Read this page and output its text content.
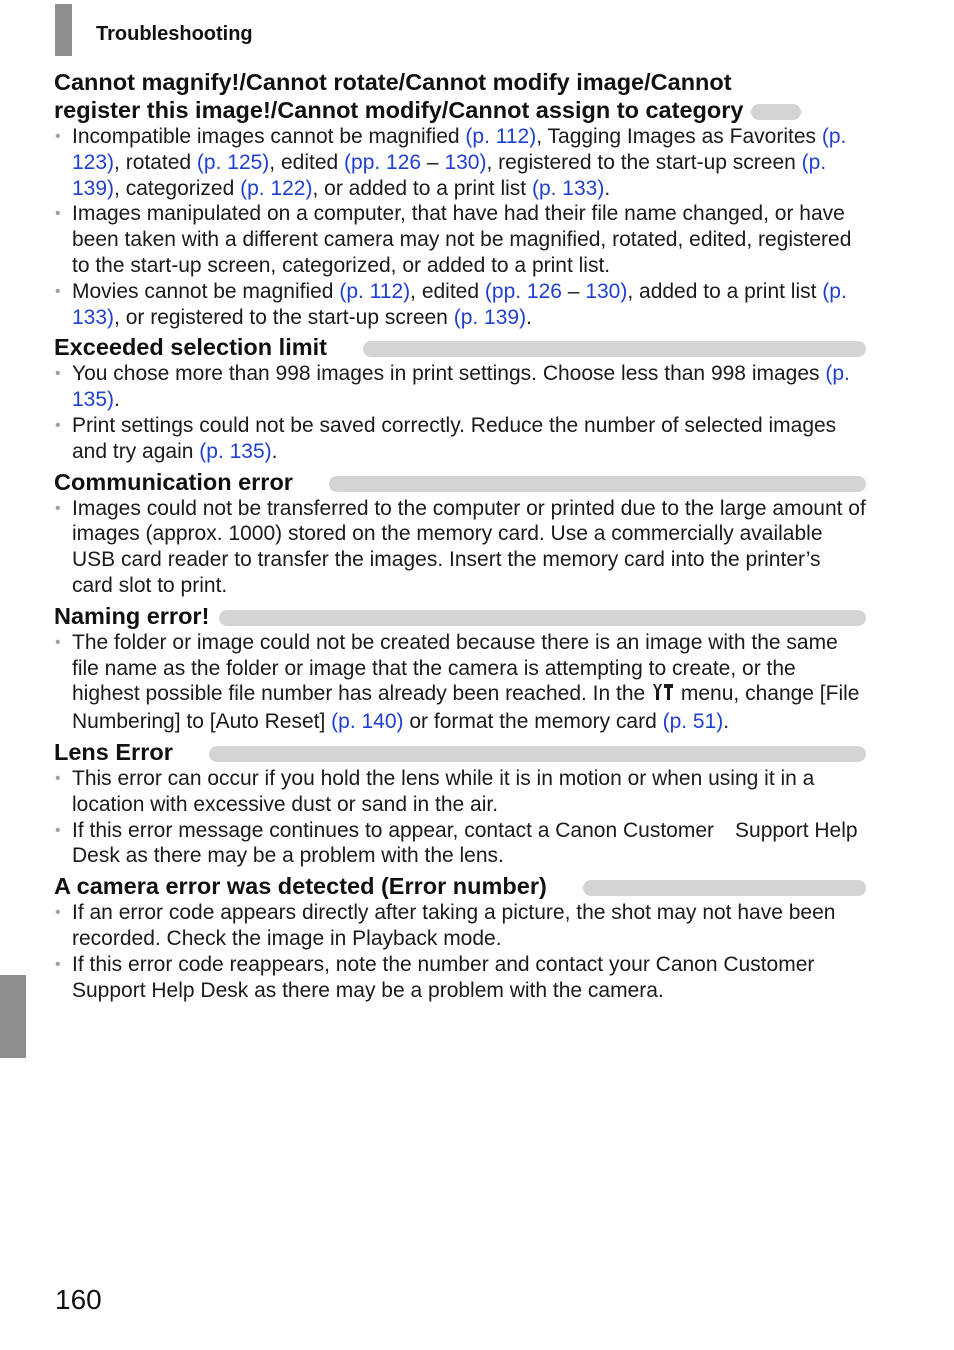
Troubleshooting
Cannot magnify!/Cannot rotate/Cannot modify image/Cannot
register this image!/Cannot modify/Cannot assign to category
• Incompatible images cannot be magnified (p. 112), Tagging Images as Favorites (p. 123), rotated (p. 125), edited (pp. 126 – 130), registered to the start-up screen (p. 139), categorized (p. 122), or added to a print list (p. 133).
• Images manipulated on a computer, that have had their file name changed, or have been taken with a different camera may not be magnified, rotated, edited, registered to the start-up screen, categorized, or added to a print list.
• Movies cannot be magnified (p. 112), edited (pp. 126 – 130), added to a print list (p. 133), or registered to the start-up screen (p. 139).
Exceeded selection limit
• You chose more than 998 images in print settings. Choose less than 998 images (p. 135).
• Print settings could not be saved correctly. Reduce the number of selected images and try again (p. 135).
Communication error
• Images could not be transferred to the computer or printed due to the large amount of images (approx. 1000) stored on the memory card. Use a commercially available USB card reader to transfer the images. Insert the memory card into the printer’s card slot to print.
Naming error!
• The folder or image could not be created because there is an image with the same file name as the folder or image that the camera is attempting to create, or the highest possible file number has already been reached. In the  menu, change [File Numbering] to [Auto Reset] (p. 140) or format the memory card (p. 51).
Lens Error
• This error can occur if you hold the lens while it is in motion or when using it in a location with excessive dust or sand in the air.
• If this error message continues to appear, contact a Canon Customer Support Help Desk as there may be a problem with the lens.
A camera error was detected (Error number)
• If an error code appears directly after taking a picture, the shot may not have been recorded. Check the image in Playback mode.
• If this error code reappears, note the number and contact your Canon Customer Support Help Desk as there may be a problem with the camera.
160
